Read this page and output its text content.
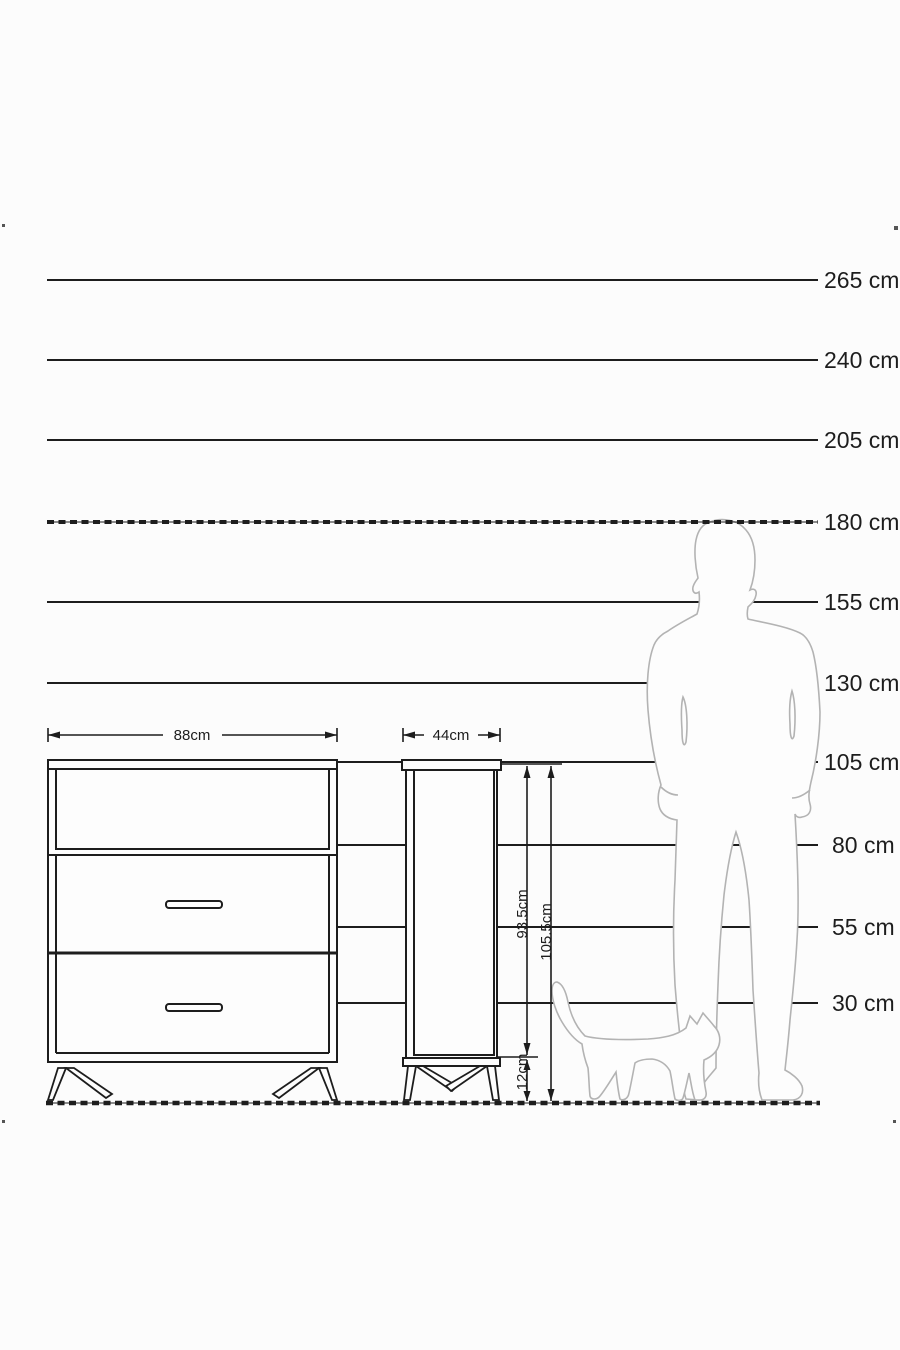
88cm	44cm
93.5cm
12cm
105.5cm
265 cm
240 cm
205 cm
180 cm
155 cm
130 cm
105 cm
80 cm
55 cm
30 cm
